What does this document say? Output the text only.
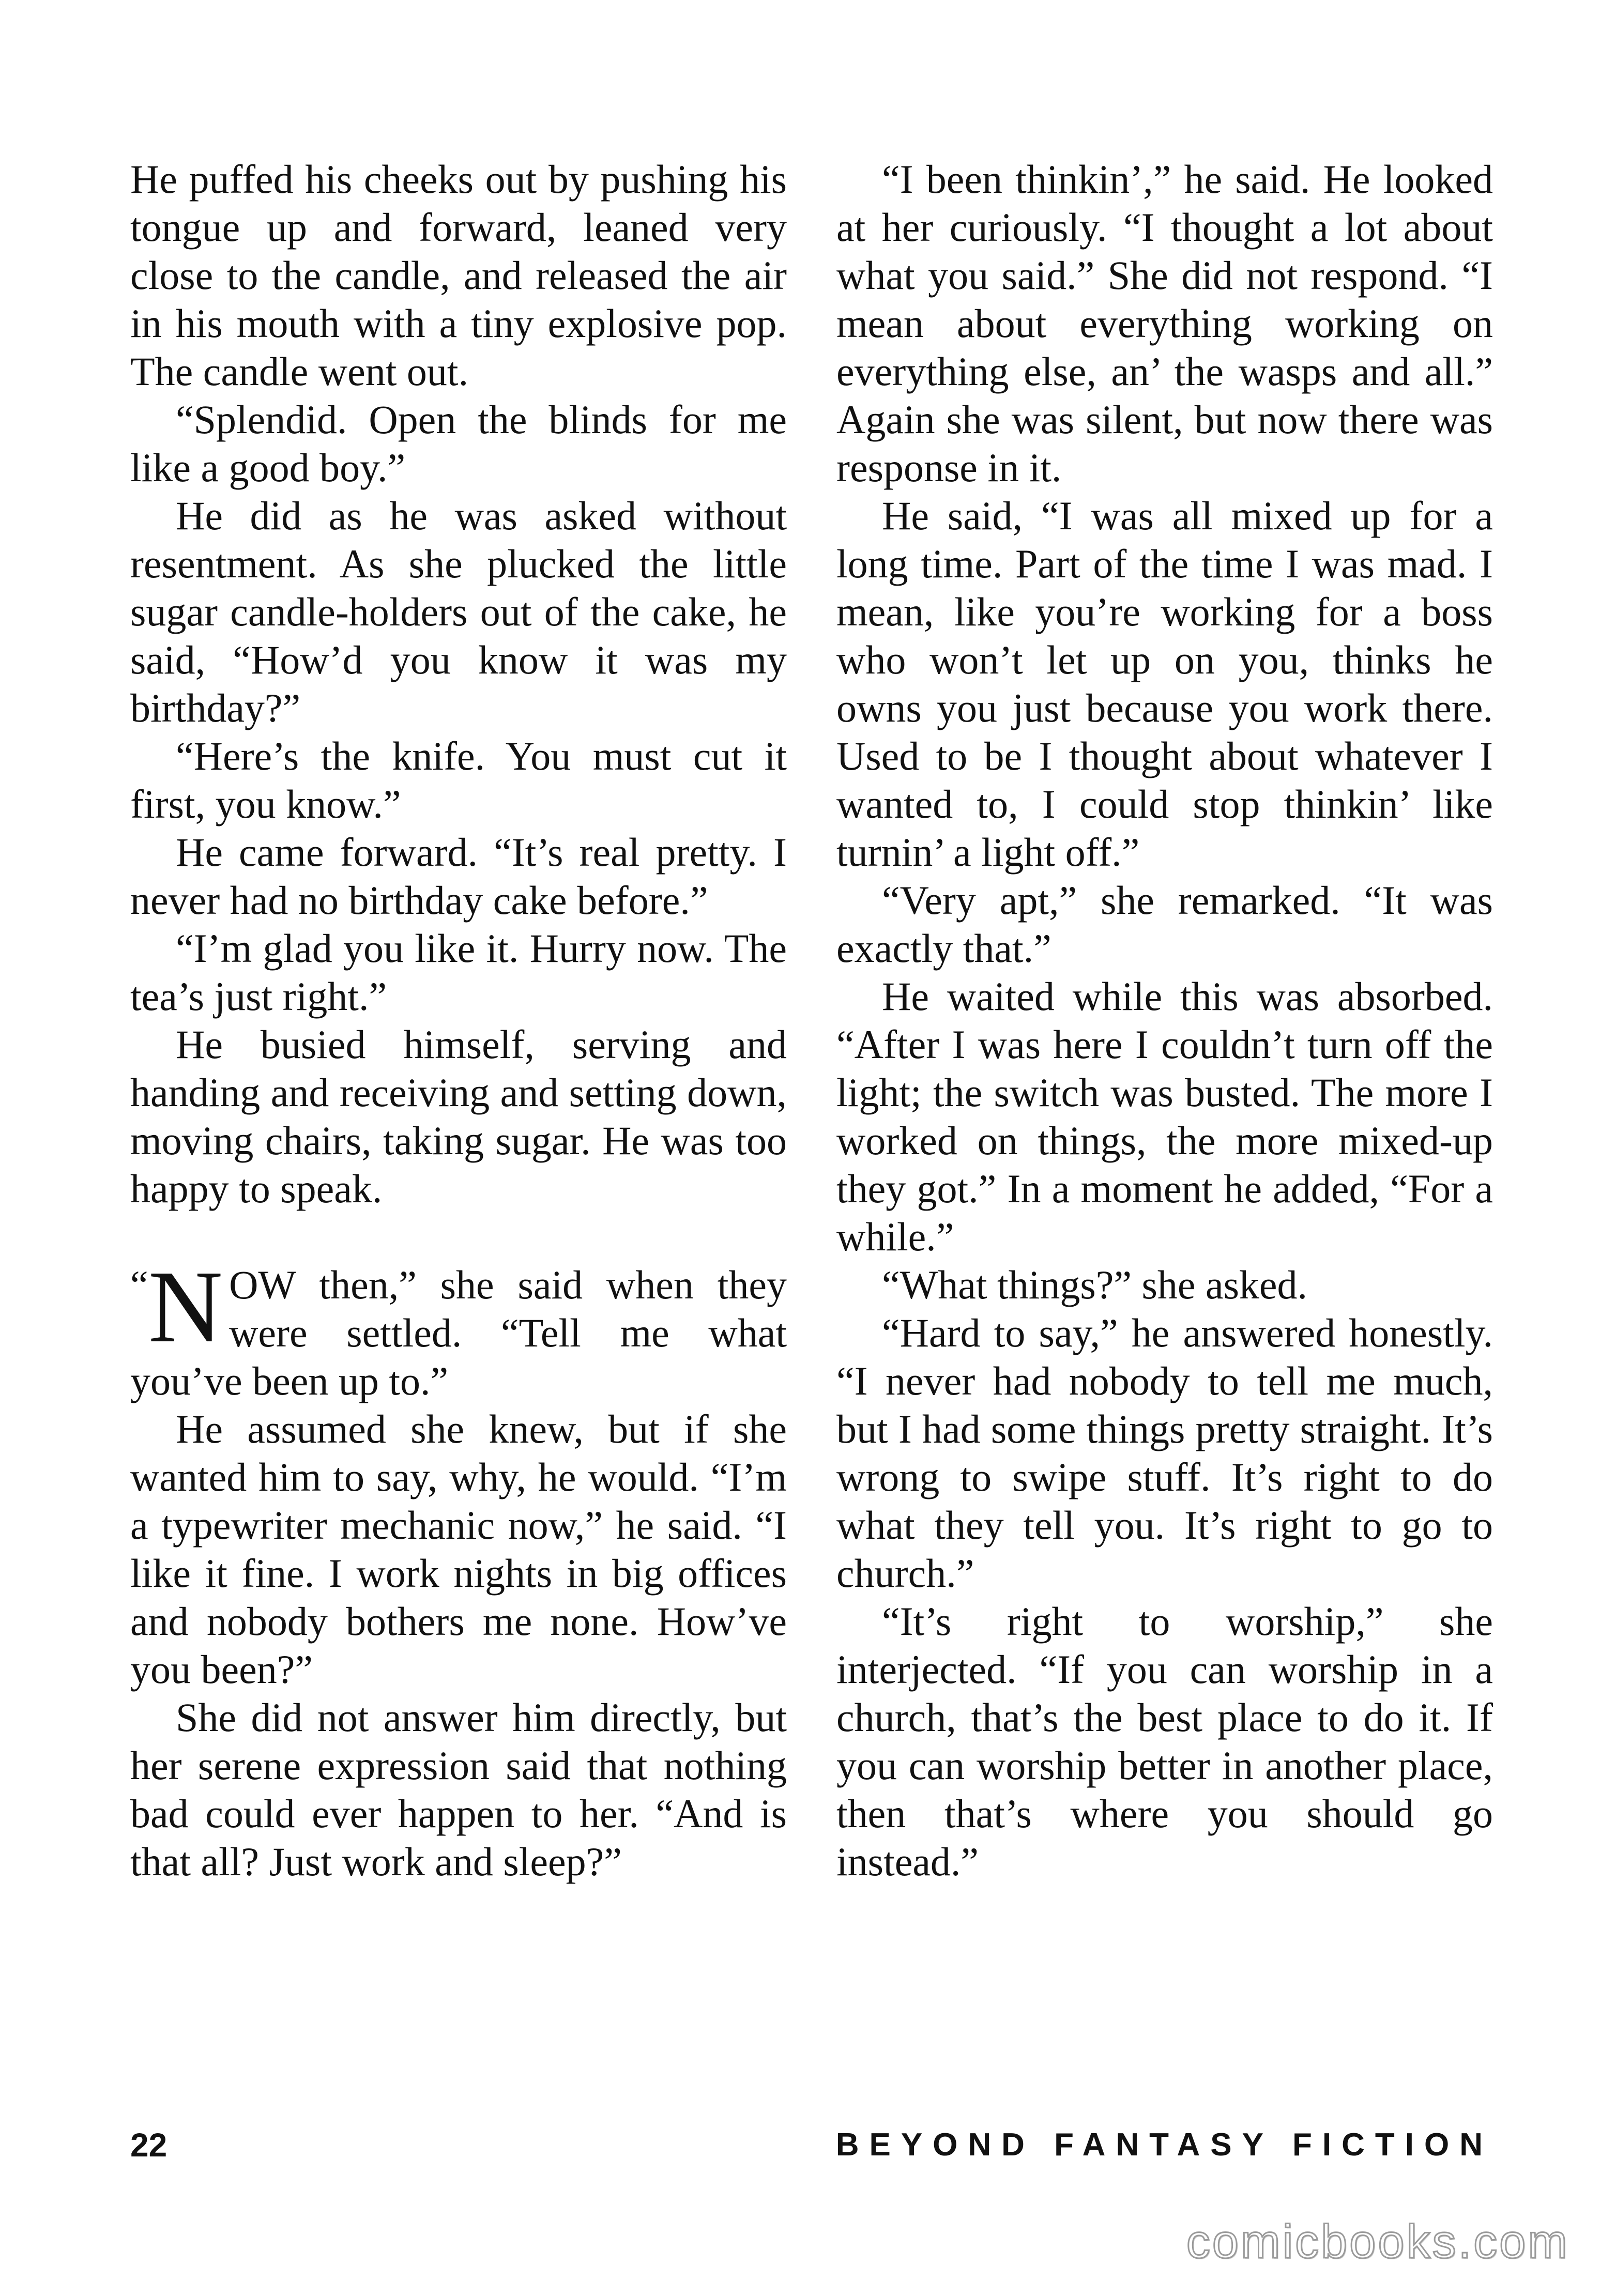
He puffed his cheeks out by pushing his tongue up and forward, leaned very close to the candle, and released the air in his mouth with a tiny explosive pop. The candle went out.

“Splendid. Open the blinds for me like a good boy.”

He did as he was asked without resentment. As she plucked the little sugar candle-holders out of the cake, he said, “How’d you know it was my birthday?”

“Here’s the knife. You must cut it first, you know.”

He came forward. “It’s real pretty. I never had no birthday cake before.”

“I’m glad you like it. Hurry now. The tea’s just right.”

He busied himself, serving and handing and receiving and setting down, moving chairs, taking sugar. He was too happy to speak.

“ N OW then,” she said when they were settled. “Tell me what you’ve been up to.”

He assumed she knew, but if she wanted him to say, why, he would. “I’m a typewriter mechanic now,” he said. “I like it fine. I work nights in big offices and nobody bothers me none. How’ve you been?”

She did not answer him directly, but her serene expression said that nothing bad could ever happen to her. “And is that all? Just work and sleep?”

“I been thinkin’,” he said. He looked at her curiously. “I thought a lot about what you said.” She did not respond. “I mean about everything working on everything else, an’ the wasps and all.” Again she was silent, but now there was response in it.

He said, “I was all mixed up for a long time. Part of the time I was mad. I mean, like you’re working for a boss who won’t let up on you, thinks he owns you just because you work there. Used to be I thought about whatever I wanted to, I could stop thinkin’ like turnin’ a light off.”

“Very apt,” she remarked. “It was exactly that.”

He waited while this was absorbed. “After I was here I couldn’t turn off the light; the switch was busted. The more I worked on things, the more mixed-up they got.” In a moment he added, “For a while.”

“What things?” she asked.

“Hard to say,” he answered honestly. “I never had nobody to tell me much, but I had some things pretty straight. It’s wrong to swipe stuff. It’s right to do what they tell you. It’s right to go to church.”

“It’s right to worship,” she interjected. “If you can worship in a church, that’s the best place to do it. If you can worship better in another place, then that’s where you should go instead.”

22	BEYOND FANTASY FICTION
comicbooks.com
